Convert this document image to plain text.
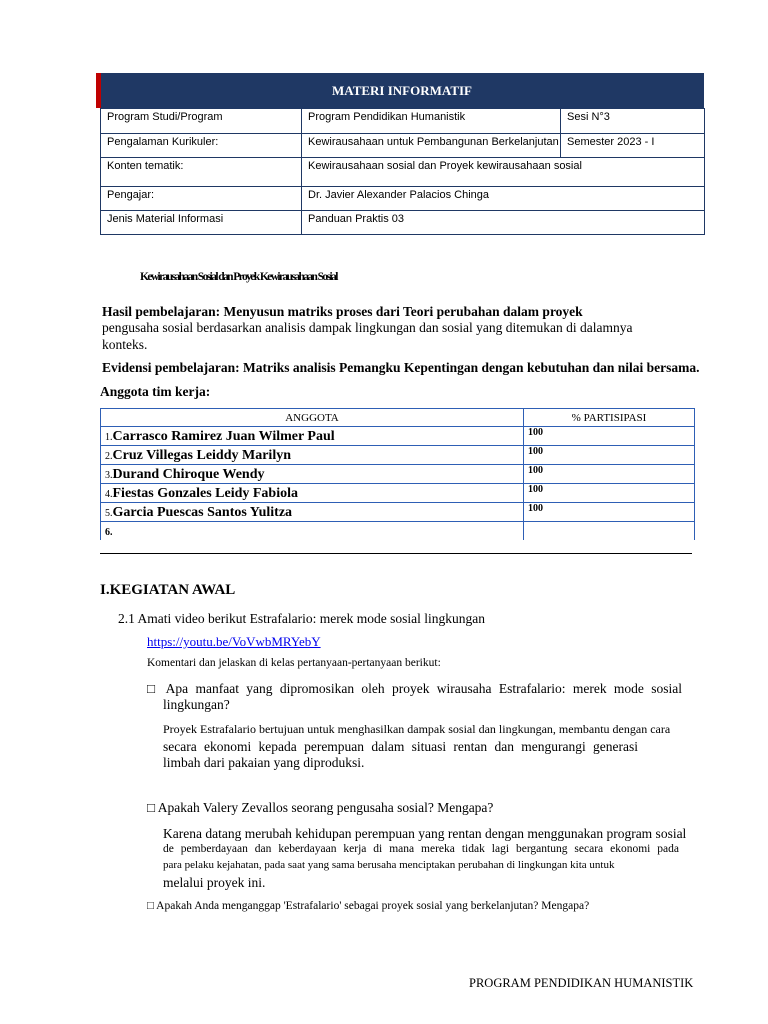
MATERI INFORMATIF
Program Studi/Program	Program Pendidikan Humanistik	Sesi N°3
Pengalaman Kurikuler:	Kewirausahaan untuk Pembangunan Berkelanjutan	Semester 2023 - I
Konten tematik:	Kewirausahaan sosial dan Proyek kewirausahaan sosial	
Pengajar:	Dr. Javier Alexander Palacios Chinga	
Jenis Material Informasi	Panduan Praktis 03	
Kewirausahaan Sosial dan Proyek Kewirausahaan Sosial
Hasil pembelajaran: Menyusun matriks proses dari Teori perubahan dalam proyek
pengusaha sosial berdasarkan analisis dampak lingkungan dan sosial yang ditemukan di dalamnya
konteks.
Evidensi pembelajaran: Matriks analisis Pemangku Kepentingan dengan kebutuhan dan nilai bersama.
Anggota tim kerja:
ANGGOTA	% PARTISIPASI
1.Carrasco Ramirez Juan Wilmer Paul	100
2.Cruz Villegas Leiddy Marilyn	100
3.Durand Chiroque Wendy	100
4.Fiestas Gonzales Leidy Fabiola	100
5.Garcia Puescas Santos Yulitza	100
6.	
I.KEGIATAN AWAL
2.1 Amati video berikut Estrafalario: merek mode sosial lingkungan
https://youtu.be/VoVwbMRYebY
Komentari dan jelaskan di kelas pertanyaan-pertanyaan berikut:
□ Apa manfaat yang dipromosikan oleh proyek wirausaha Estrafalario: merek mode sosial
lingkungan?
Proyek Estrafalario bertujuan untuk menghasilkan dampak sosial dan lingkungan, membantu dengan cara
secara ekonomi kepada perempuan dalam situasi rentan dan mengurangi generasi
limbah dari pakaian yang diproduksi.
□ Apakah Valery Zevallos seorang pengusaha sosial? Mengapa?
Karena datang merubah kehidupan perempuan yang rentan dengan menggunakan program sosial
de pemberdayaan dan keberdayaan kerja di mana mereka tidak lagi bergantung secara ekonomi pada
para pelaku kejahatan, pada saat yang sama berusaha menciptakan perubahan di lingkungan kita untuk
melalui proyek ini.
□ Apakah Anda menganggap 'Estrafalario' sebagai proyek sosial yang berkelanjutan? Mengapa?
PROGRAM PENDIDIKAN HUMANISTIK
